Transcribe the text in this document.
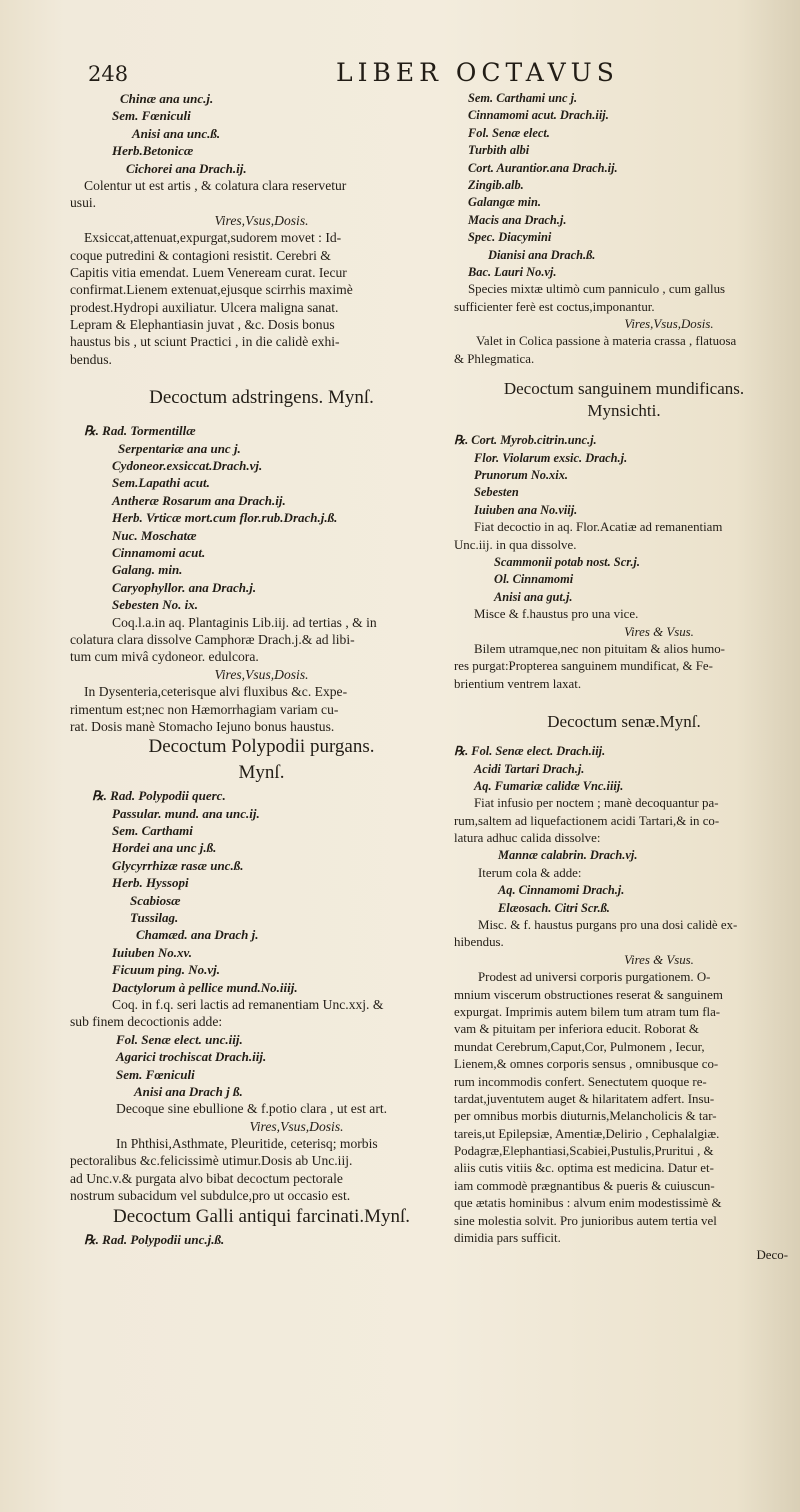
248	LIBER OCTAVUS
Chinæ ana unc.j.
Sem. Fœniculi
Anisi ana unc.ß.
Herb.Betonicæ
Cichorei ana Drach.ij.
Colentur ut est artis , & colatura clara reservetur
usui.
Vires,Vsus,Dosis.
Exsiccat,attenuat,expurgat,sudorem movet : Id-
coque putredini & contagioni resistit. Cerebri &
Capitis vitia emendat. Luem Veneream curat. Iecur
confirmat.Lienem extenuat,ejusque scirrhis maximè
prodest.Hydropi auxiliatur. Ulcera maligna sanat.
Lepram & Elephantiasin juvat , &c. Dosis bonus
haustus bis , ut sciunt Practici , in die calidè exhi-
bendus.
Decoctum adstringens. Mynſ.
℞. Rad. Tormentillæ
Serpentariæ ana unc j.
Cydoneor.exsiccat.Drach.vj.
Sem.Lapathi acut.
Antheræ Rosarum ana Drach.ij.
Herb. Vrticæ mort.cum flor.rub.Drach.j.ß.
Nuc. Moschatæ
Cinnamomi acut.
Galang. min.
Caryophyllor. ana Drach.j.
Sebesten No. ix.
Coq.l.a.in aq. Plantaginis Lib.iij. ad tertias , & in
colatura clara dissolve Camphoræ Drach.j.& ad libi-
tum cum mivâ cydoneor. edulcora.
Vires,Vsus,Dosis.
In Dysenteria,ceterisque alvi fluxibus &c. Expe-
rimentum est;nec non Hæmorrhagiam variam cu-
rat. Dosis manè Stomacho Iejuno bonus haustus.
Decoctum Polypodii purgans.
Mynſ.
℞. Rad. Polypodii querc.
Passular. mund. ana unc.ij.
Sem. Carthami
Hordei ana unc j.ß.
Glycyrrhizæ rasæ unc.ß.
Herb. Hyssopi
Scabiosæ
Tussilag.
Chamæd. ana Drach j.
Iuiuben No.xv.
Ficuum ping. No.vj.
Dactylorum à pellice mund.No.iiij.
Coq. in f.q. seri lactis ad remanentiam Unc.xxj. &
sub finem decoctionis adde:
Fol. Senæ elect. unc.iij.
Agarici trochiscat Drach.iij.
Sem. Fœniculi
Anisi ana Drach j ß.
Decoque sine ebullione & f.potio clara , ut est art.
Vires,Vsus,Dosis.
In Phthisi,Asthmate, Pleuritide, ceterisq; morbis
pectoralibus &c.felicissimè utimur.Dosis ab Unc.iij.
ad Unc.v.& purgata alvo bibat decoctum pectorale
nostrum subacidum vel subdulce,pro ut occasio est.
Decoctum Galli antiqui farcinati.Mynſ.
℞. Rad. Polypodii unc.j.ß.
Sem. Carthami unc j.
Cinnamomi acut. Drach.iij.
Fol. Senæ elect.
Turbith albi
Cort. Aurantior.ana Drach.ij.
Zingib.alb.
Galangæ min.
Macis ana Drach.j.
Spec. Diacymini
Dianisi ana Drach.ß.
Bac. Lauri No.vj.
Species mixtæ ultimò cum panniculo , cum gallus
sufficienter ferè est coctus,imponantur.
Vires,Vsus,Dosis.
Valet in Colica passione à materia crassa , flatuosa
& Phlegmatica.
Decoctum sanguinem mundificans.
Mynsichti.
℞. Cort. Myrob.citrin.unc.j.
Flor. Violarum exsic. Drach.j.
Prunorum No.xix.
Sebesten
Iuiuben ana No.viij.
Fiat decoctio in aq. Flor.Acatiæ ad remanentiam
Unc.iij. in qua dissolve.
Scammonii potab nost. Scr.j.
Ol. Cinnamomi
Anisi ana gut.j.
Misce & f.haustus pro una vice.
Vires & Vsus.
Bilem utramque,nec non pituitam & alios humo-
res purgat:Propterea sanguinem mundificat, & Fe-
brientium ventrem laxat.
Decoctum senæ.Mynſ.
℞. Fol. Senæ elect. Drach.iij.
Acidi Tartari Drach.j.
Aq. Fumariæ calidæ Vnc.iiij.
Fiat infusio per noctem ; manè decoquantur pa-
rum,saltem ad liquefactionem acidi Tartari,& in co-
latura adhuc calida dissolve:
Mannæ calabrin. Drach.vj.
Iterum cola & adde:
Aq. Cinnamomi Drach.j.
Elæosach. Citri Scr.ß.
Misc. & f. haustus purgans pro una dosi calidè ex-
hibendus.
Vires & Vsus.
Prodest ad universi corporis purgationem. O-
mnium viscerum obstructiones reserat & sanguinem
expurgat. Imprimis autem bilem tum atram tum fla-
vam & pituitam per inferiora educit. Roborat &
mundat Cerebrum,Caput,Cor, Pulmonem , Iecur,
Lienem,& omnes corporis sensus , omnibusque co-
rum incommodis confert. Senectutem quoque re-
tardat,juventutem auget & hilaritatem adfert. Insu-
per omnibus morbis diuturnis,Melancholicis & tar-
tareis,ut Epilepsiæ, Amentiæ,Delirio , Cephalalgiæ.
Podagræ,Elephantiasi,Scabiei,Pustulis,Pruritui , &
aliis cutis vitiis &c. optima est medicina. Datur et-
iam commodè prægnantibus & pueris & cuiuscun-
que ætatis hominibus : alvum enim modestissimè &
sine molestia solvit. Pro junioribus autem tertia vel
dimidia pars sufficit.
Deco-
